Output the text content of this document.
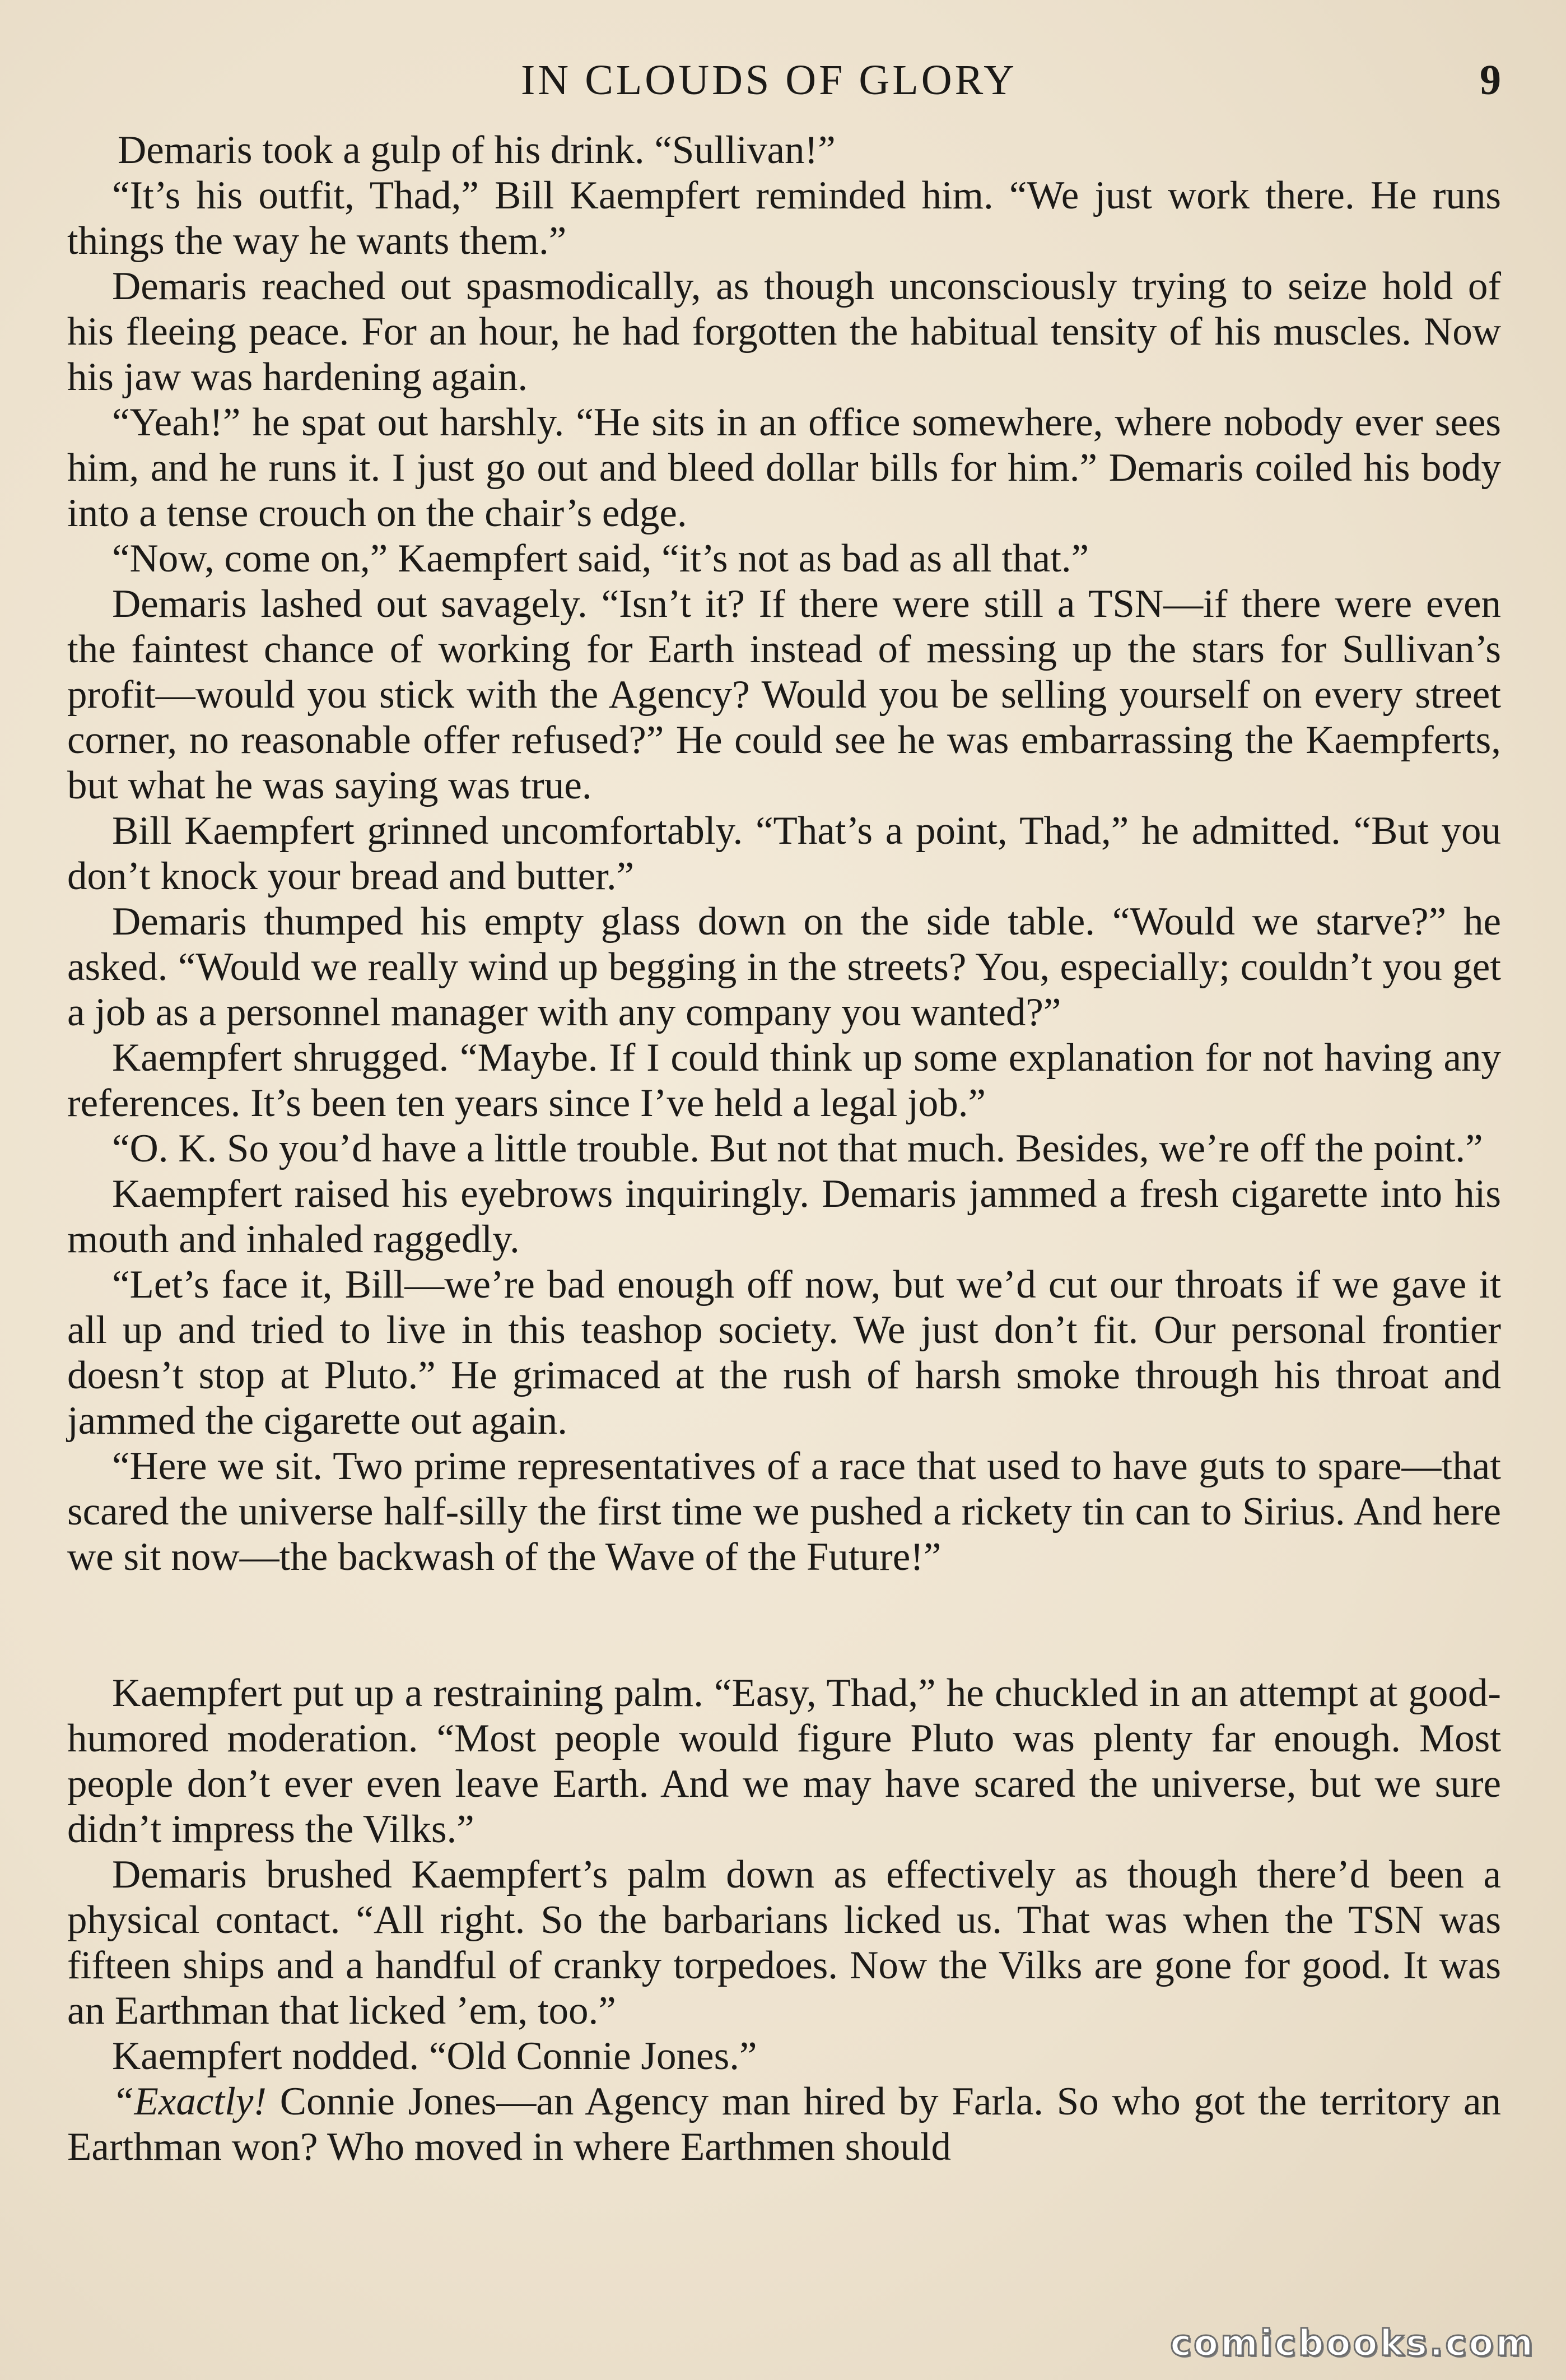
IN CLOUDS OF GLORY	9

Demaris took a gulp of his drink. “Sullivan!”

“It’s his outfit, Thad,” Bill Kaempfert reminded him. “We just work there. He runs things the way he wants them.”

Demaris reached out spasmodically, as though unconsciously trying to seize hold of his fleeing peace. For an hour, he had forgotten the habitual tensity of his muscles. Now his jaw was hardening again.

“Yeah!” he spat out harshly. “He sits in an office somewhere, where nobody ever sees him, and he runs it. I just go out and bleed dollar bills for him.” Demaris coiled his body into a tense crouch on the chair’s edge.

“Now, come on,” Kaempfert said, “it’s not as bad as all that.”

Demaris lashed out savagely. “Isn’t it? If there were still a TSN—if there were even the faintest chance of working for Earth instead of messing up the stars for Sullivan’s profit—would you stick with the Agency? Would you be selling yourself on every street corner, no reasonable offer refused?” He could see he was embarrassing the Kaempferts, but what he was saying was true.

Bill Kaempfert grinned uncomfortably. “That’s a point, Thad,” he admitted. “But you don’t knock your bread and butter.”

Demaris thumped his empty glass down on the side table. “Would we starve?” he asked. “Would we really wind up begging in the streets? You, especially; couldn’t you get a job as a personnel manager with any company you wanted?”

Kaempfert shrugged. “Maybe. If I could think up some explanation for not having any references. It’s been ten years since I’ve held a legal job.”

“O. K. So you’d have a little trouble. But not that much. Besides, we’re off the point.”

Kaempfert raised his eyebrows inquiringly. Demaris jammed a fresh cigarette into his mouth and inhaled raggedly.

“Let’s face it, Bill—we’re bad enough off now, but we’d cut our throats if we gave it all up and tried to live in this teashop society. We just don’t fit. Our personal frontier doesn’t stop at Pluto.” He grimaced at the rush of harsh smoke through his throat and jammed the cigarette out again.

“Here we sit. Two prime representatives of a race that used to have guts to spare—that scared the universe half-silly the first time we pushed a rickety tin can to Sirius. And here we sit now—the backwash of the Wave of the Future!”

Kaempfert put up a restraining palm. “Easy, Thad,” he chuckled in an attempt at good-humored moderation. “Most people would figure Pluto was plenty far enough. Most people don’t ever even leave Earth. And we may have scared the universe, but we sure didn’t impress the Vilks.”

Demaris brushed Kaempfert’s palm down as effectively as though there’d been a physical contact. “All right. So the barbarians licked us. That was when the TSN was fifteen ships and a handful of cranky torpedoes. Now the Vilks are gone for good. It was an Earthman that licked ’em, too.”

Kaempfert nodded. “Old Connie Jones.”

“Exactly! Connie Jones—an Agency man hired by Farla. So who got the territory an Earthman won? Who moved in where Earthmen should

comicbooks.com
